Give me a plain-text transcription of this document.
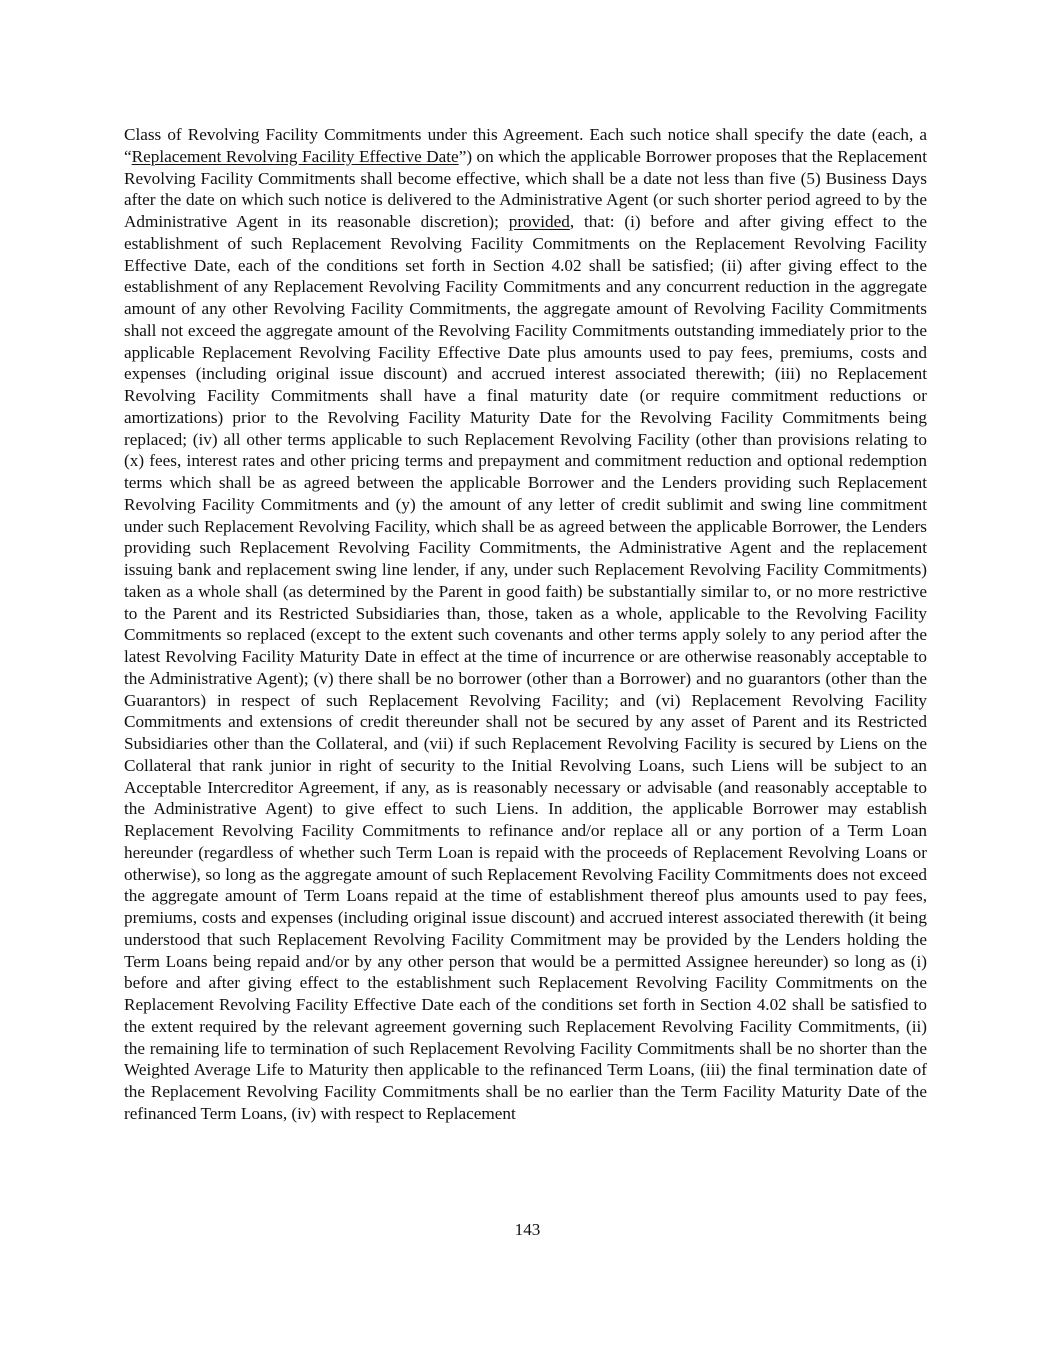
Class of Revolving Facility Commitments under this Agreement. Each such notice shall specify the date (each, a “Replacement Revolving Facility Effective Date”) on which the applicable Borrower proposes that the Replacement Revolving Facility Commitments shall become effective, which shall be a date not less than five (5) Business Days after the date on which such notice is delivered to the Administrative Agent (or such shorter period agreed to by the Administrative Agent in its reasonable discretion); provided, that: (i) before and after giving effect to the establishment of such Replacement Revolving Facility Commitments on the Replacement Revolving Facility Effective Date, each of the conditions set forth in Section 4.02 shall be satisfied; (ii) after giving effect to the establishment of any Replacement Revolving Facility Commitments and any concurrent reduction in the aggregate amount of any other Revolving Facility Commitments, the aggregate amount of Revolving Facility Commitments shall not exceed the aggregate amount of the Revolving Facility Commitments outstanding immediately prior to the applicable Replacement Revolving Facility Effective Date plus amounts used to pay fees, premiums, costs and expenses (including original issue discount) and accrued interest associated therewith; (iii) no Replacement Revolving Facility Commitments shall have a final maturity date (or require commitment reductions or amortizations) prior to the Revolving Facility Maturity Date for the Revolving Facility Commitments being replaced; (iv) all other terms applicable to such Replacement Revolving Facility (other than provisions relating to (x) fees, interest rates and other pricing terms and prepayment and commitment reduction and optional redemption terms which shall be as agreed between the applicable Borrower and the Lenders providing such Replacement Revolving Facility Commitments and (y) the amount of any letter of credit sublimit and swing line commitment under such Replacement Revolving Facility, which shall be as agreed between the applicable Borrower, the Lenders providing such Replacement Revolving Facility Commitments, the Administrative Agent and the replacement issuing bank and replacement swing line lender, if any, under such Replacement Revolving Facility Commitments) taken as a whole shall (as determined by the Parent in good faith) be substantially similar to, or no more restrictive to the Parent and its Restricted Subsidiaries than, those, taken as a whole, applicable to the Revolving Facility Commitments so replaced (except to the extent such covenants and other terms apply solely to any period after the latest Revolving Facility Maturity Date in effect at the time of incurrence or are otherwise reasonably acceptable to the Administrative Agent); (v) there shall be no borrower (other than a Borrower) and no guarantors (other than the Guarantors) in respect of such Replacement Revolving Facility; and (vi) Replacement Revolving Facility Commitments and extensions of credit thereunder shall not be secured by any asset of Parent and its Restricted Subsidiaries other than the Collateral, and (vii) if such Replacement Revolving Facility is secured by Liens on the Collateral that rank junior in right of security to the Initial Revolving Loans, such Liens will be subject to an Acceptable Intercreditor Agreement, if any, as is reasonably necessary or advisable (and reasonably acceptable to the Administrative Agent) to give effect to such Liens. In addition, the applicable Borrower may establish Replacement Revolving Facility Commitments to refinance and/or replace all or any portion of a Term Loan hereunder (regardless of whether such Term Loan is repaid with the proceeds of Replacement Revolving Loans or otherwise), so long as the aggregate amount of such Replacement Revolving Facility Commitments does not exceed the aggregate amount of Term Loans repaid at the time of establishment thereof plus amounts used to pay fees, premiums, costs and expenses (including original issue discount) and accrued interest associated therewith (it being understood that such Replacement Revolving Facility Commitment may be provided by the Lenders holding the Term Loans being repaid and/or by any other person that would be a permitted Assignee hereunder) so long as (i) before and after giving effect to the establishment such Replacement Revolving Facility Commitments on the Replacement Revolving Facility Effective Date each of the conditions set forth in Section 4.02 shall be satisfied to the extent required by the relevant agreement governing such Replacement Revolving Facility Commitments, (ii) the remaining life to termination of such Replacement Revolving Facility Commitments shall be no shorter than the Weighted Average Life to Maturity then applicable to the refinanced Term Loans, (iii) the final termination date of the Replacement Revolving Facility Commitments shall be no earlier than the Term Facility Maturity Date of the refinanced Term Loans, (iv) with respect to Replacement

143
